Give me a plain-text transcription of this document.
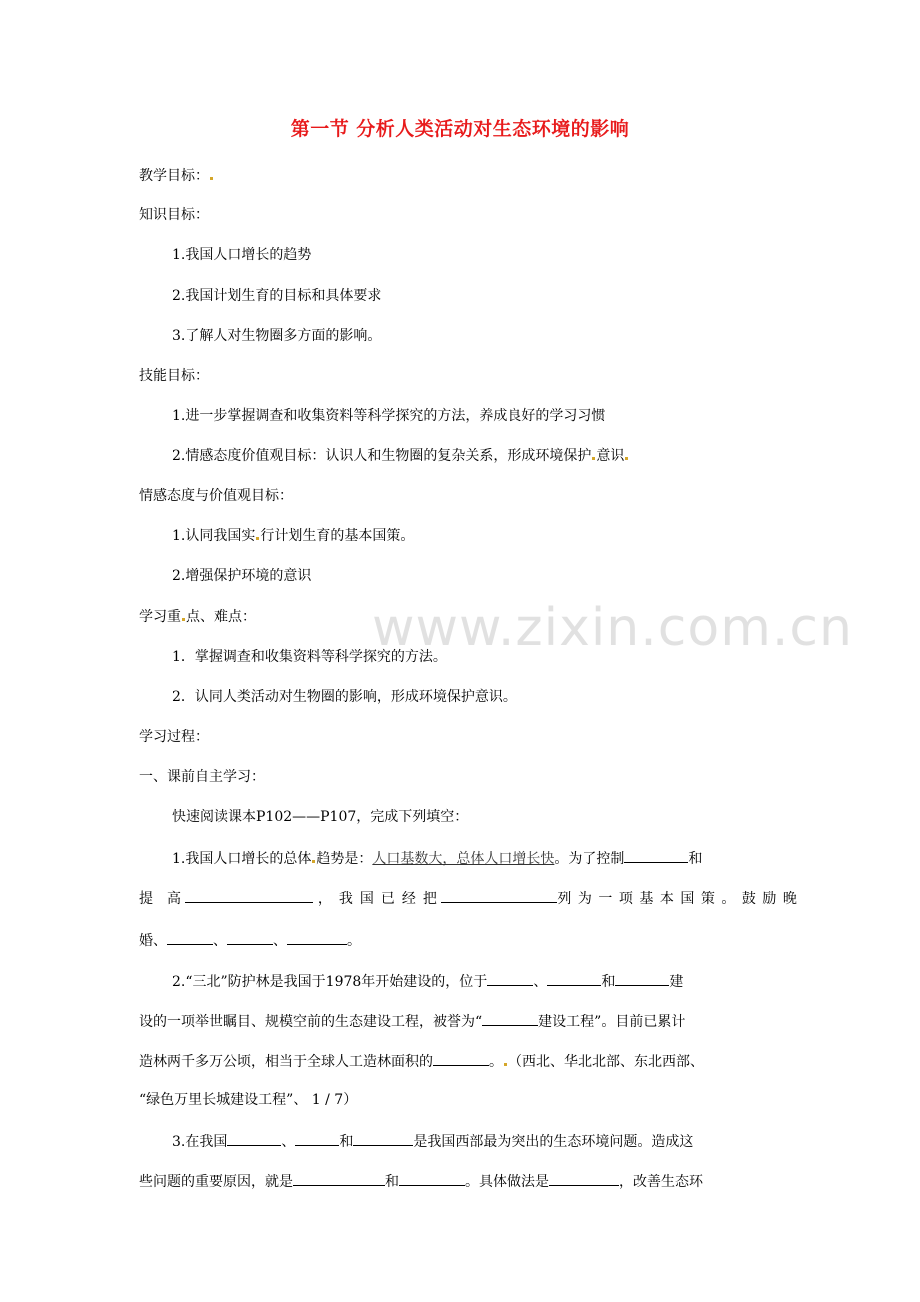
www.zixin.com.cn
第一节 分析人类活动对生态环境的影响
教学目标：
知识目标：
1.我国人口增长的趋势
2.我国计划生育的目标和具体要求
3.了解人对生物圈多方面的影响。
技能目标：
1.进一步掌握调查和收集资料等科学探究的方法，养成良好的学习习惯
2.情感态度价值观目标：认识人和生物圈的复杂关系，形成环境保护 意识
情感态度与价值观目标：
1.认同我国实 行计划生育的基本国策。
2.增强保护环境的意识
学习重 点、难点：
1．掌握调查和收集资料等科学探究的方法。
2．认同人类活动对生物圈的影响，形成环境保护意识。
学习过程：
一、课前自主学习：
快速阅读课本P102——P107，完成下列填空：
1.我国人口增长的总体 趋势是：人口基数大，总体人口增长快。为了控制	和
提  高	，  我  国  已  经  把	列为一项基本国策。鼓励晚
婚、	、	、	。
2.“三北”防护林是我国于1978年开始建设的，位于	、	和	建
设的一项举世瞩目、规模空前的生态建设工程，被誉为“	建设工程”。目前已累计
造林两千多万公顷，相当于全球人工造林面积的	。 （西北、华北北部、东北西部、
“绿色万里长城建设工程”、 1 / 7）
3.在我国	、	和	是我国西部最为突出的生态环境问题。造成这
些问题的重要原因，就是	和	。具体做法是	，改善生态环
